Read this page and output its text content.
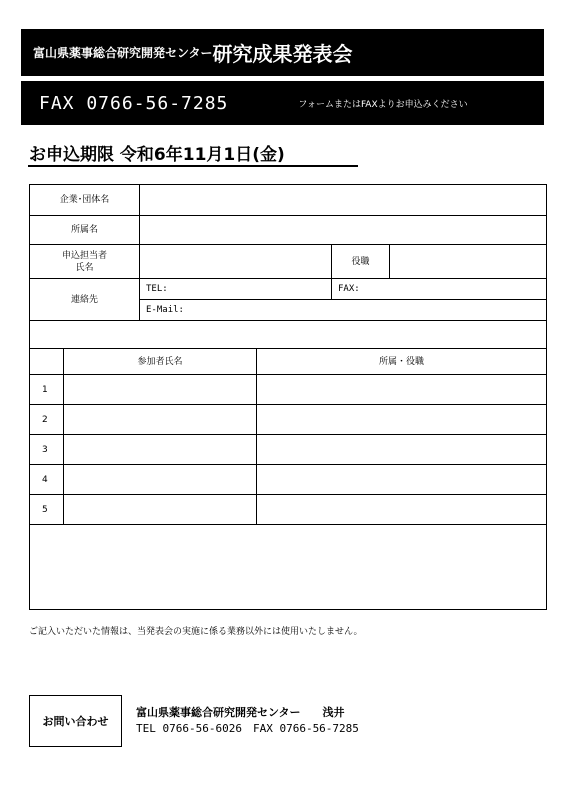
富山県薬事総合研究開発センター 研究成果発表会
FAX 0766-56-7285	フォームまたはFAXよりお申込みください
お申込期限 令和6年11月1日(金)
企業･団体名					
所属名					

申込担当者
氏名				役職	
連絡先		TEL:		FAX:	
		E-Mail:			

	参加者氏名		所属・役職		
1					
2					
3					
4					
5					

ご記入いただいた情報は、当発表会の実施に係る業務以外には使用いたしません。
お問い合わせ
富山県薬事総合研究開発センター　　浅井
TEL 0766-56-6026　FAX 0766-56-7285
